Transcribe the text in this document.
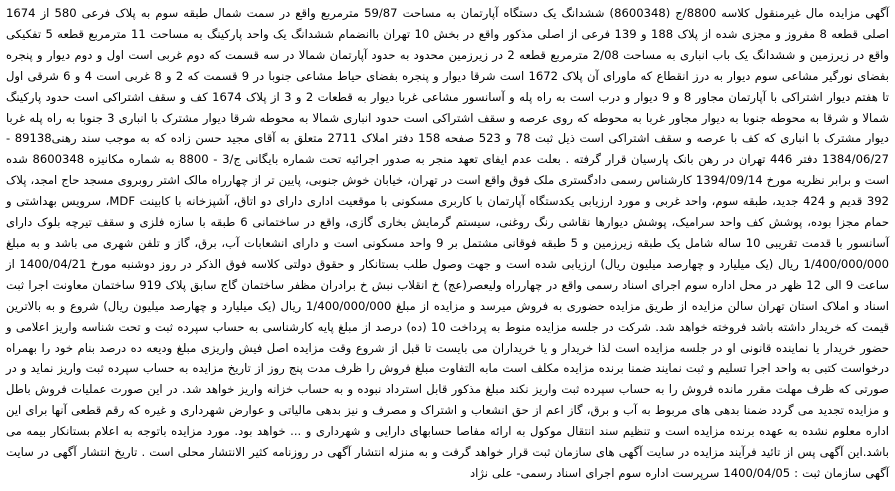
آگهی مزایده مال غیرمنقول کلاسه 8800/ج (8600348) ششدانگ یک دستگاه آپارتمان به مساحت 59/87 مترمربع واقع در سمت شمال طبقه سوم به پلاک فرعی 580 از 1674 اصلی قطعه 8 مفروز و مجزی شده از پلاک 188 و 139 فرعی از اصلی مذکور واقع در بخش 10 تهران باانضمام ششدانگ یک واحد پارکینگ به مساحت 11 مترمربع قطعه 5 تفکیکی واقع در زیرزمین و ششدانگ یک باب انباری به مساحت 2/08 مترمربع قطعه 2 در زیرزمین محدود به حدود آپارتمان شمالا در سه قسمت که دوم غربی است اول و دوم دیوار و پنجره بفضای نورگیر مشاعی سوم دیوار به درز انقطاع که ماورای آن پلاک 1672 است شرقا دیوار و پنجره بفضای حیاط مشاعی جنوبا در 9 قسمت که 2 و 8 غربی است 4 و 6 شرقی اول تا هفتم دیوار اشتراکی با آپارتمان مجاور 8 و 9 دیوار و درب است به راه پله و آسانسور مشاعی غربا دیوار به قطعات 2 و 3 از پلاک 1674 کف و سقف اشتراکی است حدود پارکینگ شمالا و شرقا به محوطه جنوبا به دیوار مجاور غربا به محوطه که روی عرصه و سقف اشتراکی است حدود انباری شمالا به محوطه شرقا دیوار مشترک با انباری 3 جنوبا به راه پله غربا دیوار مشترک با انباری که کف با عرصه و سقف اشتراکی است ذیل ثبت 78 و 523 صفحه 158 دفتر املاک 2711 متعلق به آقای مجید حسن زاده که به موجب سند رهنی89138 - 1384/06/27 دفتر 446 تهران در رهن بانک پارسیان قرار گرفته . بعلت عدم ایفای تعهد منجر به صدور اجرائیه تحت شماره بایگانی ج/3 - 8800 به شماره مکانیزه 8600348 شده است و برابر نظریه مورخ 1394/09/14 کارشناس رسمی دادگستری ملک فوق واقع است در تهران، خیابان خوش جنوبی، پایین تر از چهارراه مالک اشتر روبروی مسجد حاج امجد، پلاک 392 قدیم و 424 جدید، طبقه سوم، واحد غربی و مورد ارزیابی یکدستگاه آپارتمان با کاربری مسکونی با موقعیت اداری دارای دو اتاق، آشپزخانه با کابینت MDF، سرویس بهداشتی و حمام مجزا بوده، پوشش کف واحد سرامیک، پوشش دیوارها نقاشی رنگ روغنی، سیستم گرمایش بخاری گازی، واقع در ساختمانی 6 طبقه با سازه فلزی و سقف تیرچه بلوک دارای آسانسور با قدمت تقریبی 10 ساله شامل یک طبقه زیرزمین و 5 طبقه فوقانی مشتمل بر 9 واحد مسکونی است و دارای انشعابات آب، برق، گاز و تلفن شهری می باشد و به مبلغ 1/400/000/000 ریال (یک میلیارد و چهارصد میلیون ریال) ارزیابی شده است و جهت وصول طلب بستانکار و حقوق دولتی کلاسه فوق الذکر در روز دوشنبه مورخ 1400/04/21 از ساعت 9 الی 12 ظهر در محل اداره سوم اجرای اسناد رسمی واقع در چهارراه ولیعصر(عج) خ انقلاب نبش خ برادران مظفر ساختمان گاج سابق پلاک 919 ساختمان معاونت اجرا ثبت اسناد و املاک استان تهران سالن مزایده از طریق مزایده حضوری به فروش میرسد و مزایده از مبلغ 1/400/000/000 ریال (یک میلیارد و چهارصد میلیون ریال) شروع و به بالاترین قیمت که خریدار داشته باشد فروخته خواهد شد. شرکت در جلسه مزایده منوط به پرداخت 10 (ده) درصد از مبلغ پایه کارشناسی به حساب سپرده ثبت و تحت شناسه واریز اعلامی و حضور خریدار یا نماینده قانونی او در جلسه مزایده است لذا خریدار و یا خریداران می بایست تا قبل از شروع وقت مزایده اصل فیش واریزی مبلغ ودیعه ده درصد بنام خود را بهمراه درخواست کتبی به واحد اجرا تسلیم و ثبت نمایند ضمنا برنده مزایده مکلف است مابه التفاوت مبلغ فروش را ظرف مدت پنج روز از تاریخ مزایده به حساب سپرده ثبت واریز نماید و در صورتی که ظرف مهلت مقرر مانده فروش را به حساب سپرده ثبت واریز نکند مبلغ مذکور قابل استرداد نبوده و به حساب خزانه واریز خواهد شد. در این صورت عملیات فروش باطل و مزایده تجدید می گردد ضمنا بدهی های مربوط به آب و برق، گاز اعم از حق انشعاب و اشتراک و مصرف و نیز بدهی مالیاتی و عوارض شهرداری و غیره که رقم قطعی آنها برای این اداره معلوم نشده به عهده برنده مزایده است و تنظیم سند انتقال موکول به ارائه مفاصا حسابهای دارایی و شهرداری و ... خواهد بود. مورد مزایده باتوجه به اعلام بستانکار بیمه می باشد.این آگهی پس از تائید فرآیند مزایده در سایت آگهی های سازمان ثبت قرار خواهد گرفت و به منزله انتشار آگهی در روزنامه کثیر الانتشار محلی است . تاریخ انتشار آگهی در سایت آگهی سازمان ثبت : 1400/04/05 سرپرست اداره سوم اجرای اسناد رسمی- علی نژاد
